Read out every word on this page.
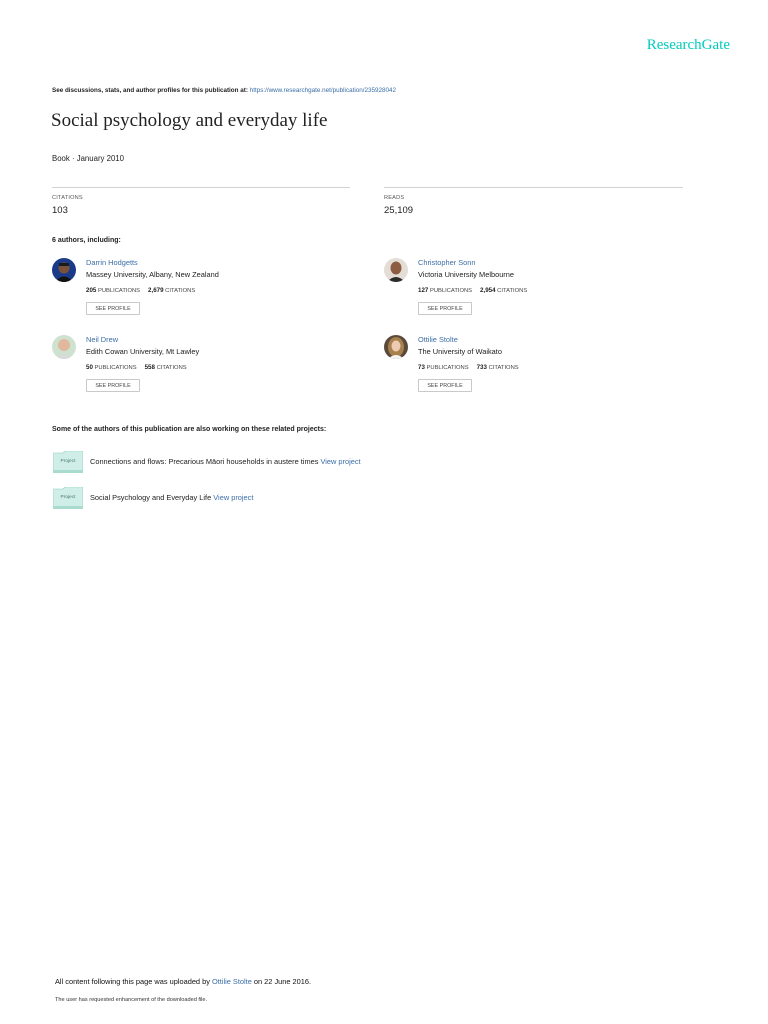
ResearchGate
See discussions, stats, and author profiles for this publication at: https://www.researchgate.net/publication/235928042
Social psychology and everyday life
Book · January 2010
CITATIONS
103
READS
25,109
6 authors, including:
Darrin Hodgetts
Massey University, Albany, New Zealand
205 PUBLICATIONS 2,679 CITATIONS
SEE PROFILE
Christopher Sonn
Victoria University Melbourne
127 PUBLICATIONS 2,954 CITATIONS
SEE PROFILE
Neil Drew
Edith Cowan University, Mt Lawley
50 PUBLICATIONS 558 CITATIONS
SEE PROFILE
Ottilie Stolte
The University of Waikato
73 PUBLICATIONS 733 CITATIONS
SEE PROFILE
Some of the authors of this publication are also working on these related projects:
Project	Connections and flows: Precarious Māori households in austere times View project
Project	Social Psychology and Everyday Life View project
All content following this page was uploaded by Ottilie Stolte on 22 June 2016.
The user has requested enhancement of the downloaded file.
